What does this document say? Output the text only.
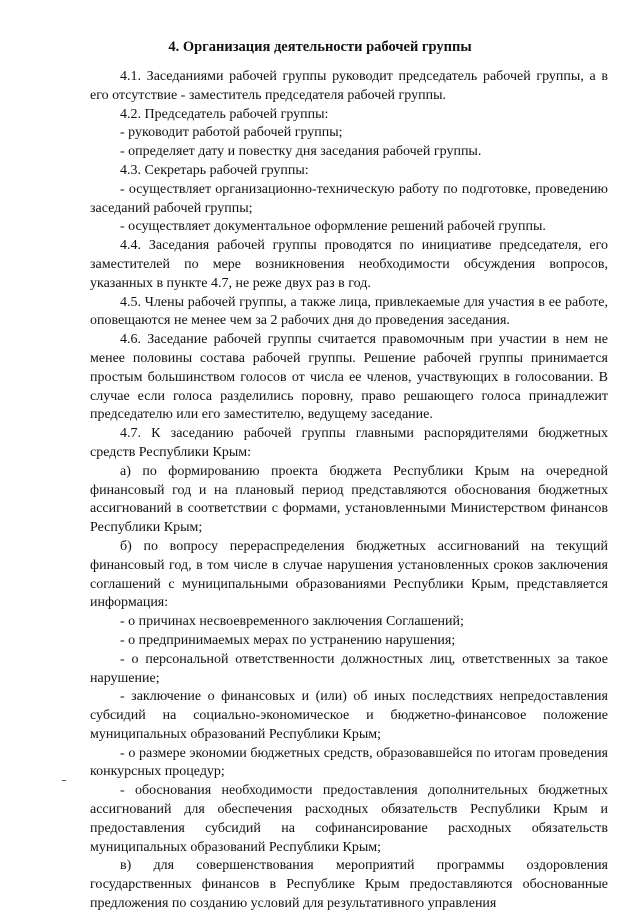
4. Организация деятельности рабочей группы

4.1. Заседаниями рабочей группы руководит председатель рабочей группы, а в его отсутствие - заместитель председателя рабочей группы.

4.2. Председатель рабочей группы:

- руководит работой рабочей группы;

- определяет дату и повестку дня заседания рабочей группы.

4.3. Секретарь рабочей группы:

- осуществляет организационно-техническую работу по подготовке, проведению заседаний рабочей группы;

- осуществляет документальное оформление решений рабочей группы.

4.4. Заседания рабочей группы проводятся по инициативе председателя, его заместителей по мере возникновения необходимости обсуждения вопросов, указанных в пункте 4.7, не реже двух раз в год.

4.5. Члены рабочей группы, а также лица, привлекаемые для участия в ее работе, оповещаются не менее чем за 2 рабочих дня до проведения заседания.

4.6. Заседание рабочей группы считается правомочным при участии в нем не менее половины состава рабочей группы. Решение рабочей группы принимается простым большинством голосов от числа ее членов, участвующих в голосовании. В случае если голоса разделились поровну, право решающего голоса принадлежит председателю или его заместителю, ведущему заседание.

4.7. К заседанию рабочей группы главными распорядителями бюджетных средств Республики Крым:

а) по формированию проекта бюджета Республики Крым на очередной финансовый год и на плановый период представляются обоснования бюджетных ассигнований в соответствии с формами, установленными Министерством финансов Республики Крым;

б) по вопросу перераспределения бюджетных ассигнований на текущий финансовый год, в том числе в случае нарушения установленных сроков заключения соглашений с муниципальными образованиями Республики Крым, представляется информация:

- о причинах несвоевременного заключения Соглашений;

- о предпринимаемых мерах по устранению нарушения;

- о персональной ответственности должностных лиц, ответственных за такое нарушение;

- заключение о финансовых и (или) об иных последствиях непредоставления субсидий на социально-экономическое и бюджетно-финансовое положение муниципальных образований Республики Крым;

- о размере экономии бюджетных средств, образовавшейся по итогам проведения конкурсных процедур;

- обоснования необходимости предоставления дополнительных бюджетных ассигнований для обеспечения расходных обязательств Республики Крым и предоставления субсидий на софинансирование расходных обязательств муниципальных образований Республики Крым;

в) для совершенствования мероприятий программы оздоровления государственных финансов в Республике Крым предоставляются обоснованные предложения по созданию условий для результативного управления
